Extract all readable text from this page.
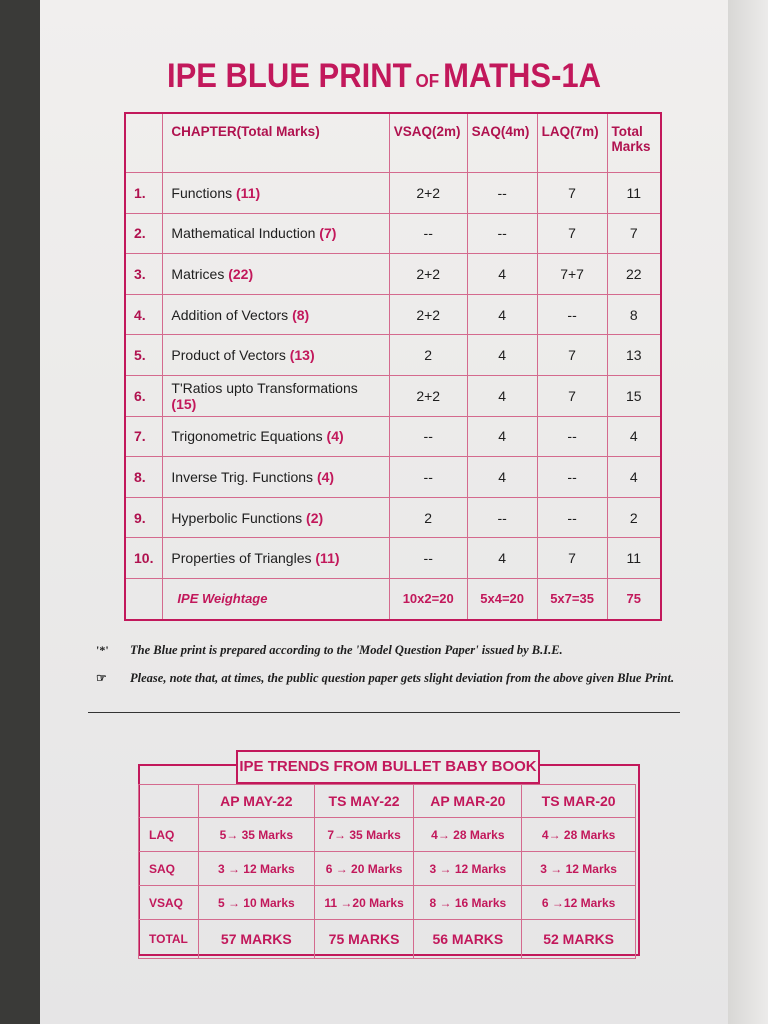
IPE BLUE PRINT OF MATHS-1A
	CHAPTER(Total Marks)	VSAQ(2m)	SAQ(4m)	LAQ(7m)	Total Marks
1.	Functions (11)	2+2	--	7	11
2.	Mathematical Induction (7)	--	--	7	7
3.	Matrices (22)	2+2	4	7+7	22
4.	Addition of Vectors (8)	2+2	4	--	8
5.	Product of Vectors (13)	2	4	7	13
6.	T'Ratios upto Transformations (15)	2+2	4	7	15
7.	Trigonometric Equations (4)	--	4	--	4
8.	Inverse Trig. Functions (4)	--	4	--	4
9.	Hyperbolic Functions (2)	2	--	--	2
10.	Properties of Triangles (11)	--	4	7	11
	IPE Weightage	10x2=20	5x4=20	5x7=35	75
'*' The Blue print is prepared according to the 'Model Question Paper' issued by B.I.E.
☞ Please, note that, at times, the public question paper gets slight deviation from the above given Blue Print.
	AP MAY-22	TS MAY-22	AP MAR-20	TS MAR-20
LAQ	5→ 35 Marks	7→ 35 Marks	4→ 28 Marks	4→ 28 Marks
SAQ	3 → 12 Marks	6 → 20 Marks	3 → 12 Marks	3 → 12 Marks
VSAQ	5 → 10 Marks	11 →20 Marks	8 → 16 Marks	6 →12 Marks
TOTAL	57 MARKS	75 MARKS	56 MARKS	52 MARKS
IPE TRENDS FROM BULLET BABY BOOK
